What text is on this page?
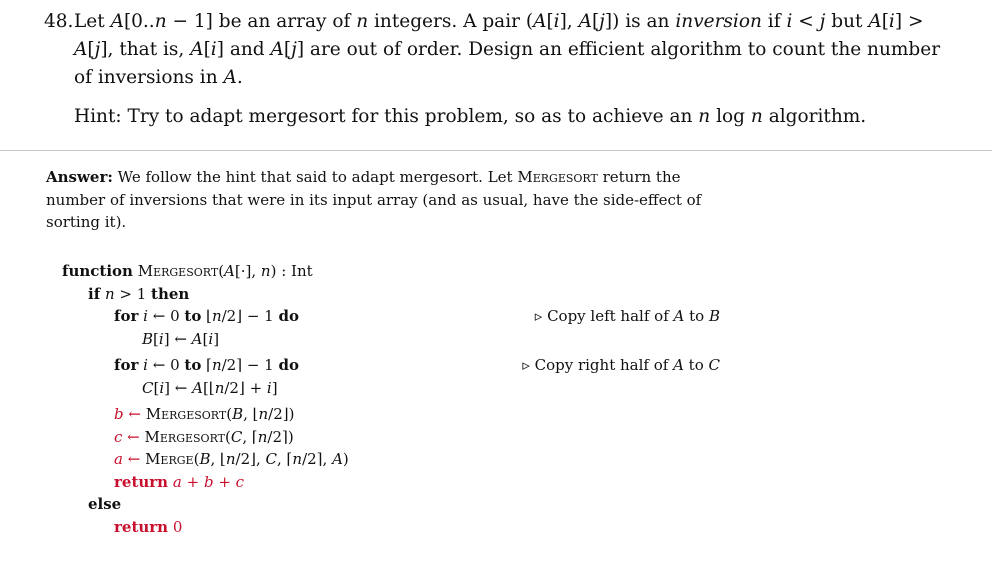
48. Let A[0..n − 1] be an array of n integers. A pair (A[i], A[j]) is an inversion if i < j but A[i] > A[j], that is, A[i] and A[j] are out of order. Design an efficient algorithm to count the number of inversions in A.
Hint: Try to adapt mergesort for this problem, so as to achieve an n log n algorithm.
Answer: We follow the hint that said to adapt mergesort. Let Mergesort return the number of inversions that were in its input array (and as usual, have the side-effect of sorting it).
function Mergesort(A[·], n) : Int
if n > 1 then
for i ← 0 to ⌊n/2⌋ − 1 do	▹ Copy left half of A to B
B[i] ← A[i]
for i ← 0 to ⌈n/2⌉ − 1 do	▹ Copy right half of A to C
C[i] ← A[⌊n/2⌋ + i]
b ← Mergesort(B, ⌊n/2⌋)
c ← Mergesort(C, ⌈n/2⌉)
a ← Merge(B, ⌊n/2⌋, C, ⌈n/2⌉, A)
return a + b + c
else
return 0
